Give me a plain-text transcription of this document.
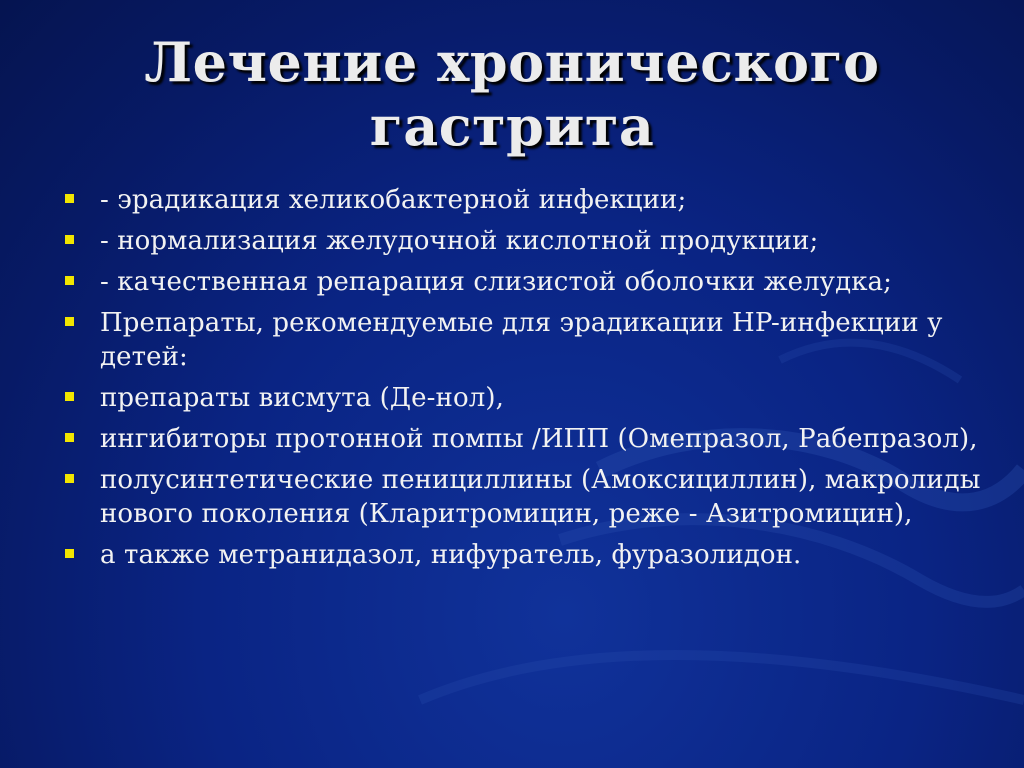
Лечение хронического
гастрита
- эрадикация хеликобактерной инфекции;
- нормализация желудочной кислотной продукции;
- качественная репарация слизистой оболочки желудка;
Препараты, рекомендуемые для эрадикации HP-инфекции у детей:
препараты висмута (Де-нол),
ингибиторы протонной помпы /ИПП (Омепразол, Рабепразол),
полусинтетические пенициллины (Амоксициллин), макролиды нового поколения (Кларитромицин, реже - Азитромицин),
а также метранидазол, нифуратель, фуразолидон.
